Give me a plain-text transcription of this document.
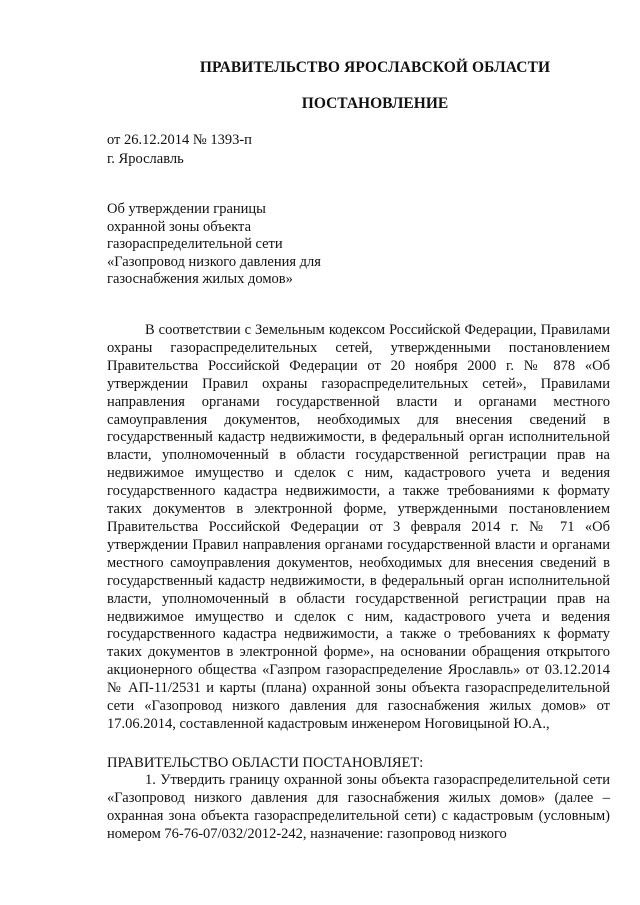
ПРАВИТЕЛЬСТВО ЯРОСЛАВСКОЙ ОБЛАСТИ
ПОСТАНОВЛЕНИЕ
от 26.12.2014 № 1393-п
г. Ярославль
Об утверждении границы
охранной зоны объекта
газораспределительной сети
«Газопровод низкого давления для
газоснабжения жилых домов»
В соответствии с Земельным кодексом Российской Федерации, Правилами охраны газораспределительных сетей, утвержденными постановлением Правительства Российской Федерации от 20 ноября 2000 г. № 878 «Об утверждении Правил охраны газораспределительных сетей», Правилами направления органами государственной власти и органами местного самоуправления документов, необходимых для внесения сведений в государственный кадастр недвижимости, в федеральный орган исполнительной власти, уполномоченный в области государственной регистрации прав на недвижимое имущество и сделок с ним, кадастрового учета и ведения государственного кадастра недвижимости, а также требованиями к формату таких документов в электронной форме, утвержденными постановлением Правительства Российской Федерации от 3 февраля 2014 г. № 71 «Об утверждении Правил направления органами государственной власти и органами местного самоуправления документов, необходимых для внесения сведений в государственный кадастр недвижимости, в федеральный орган исполнительной власти, уполномоченный в области государственной регистрации прав на недвижимое имущество и сделок с ним, кадастрового учета и ведения государственного кадастра недвижимости, а также о требованиях к формату таких документов в электронной форме», на основании обращения открытого акционерного общества «Газпром газораспределение Ярославль» от 03.12.2014 № АП-11/2531 и карты (плана) охранной зоны объекта газораспределительной сети «Газопровод низкого давления для газоснабжения жилых домов» от 17.06.2014, составленной кадастровым инженером Ноговицыной Ю.А.,
ПРАВИТЕЛЬСТВО ОБЛАСТИ ПОСТАНОВЛЯЕТ:
1. Утвердить границу охранной зоны объекта газораспределительной сети «Газопровод низкого давления для газоснабжения жилых домов» (далее – охранная зона объекта газораспределительной сети) с кадастровым (условным) номером 76-76-07/032/2012-242, назначение: газопровод низкого
